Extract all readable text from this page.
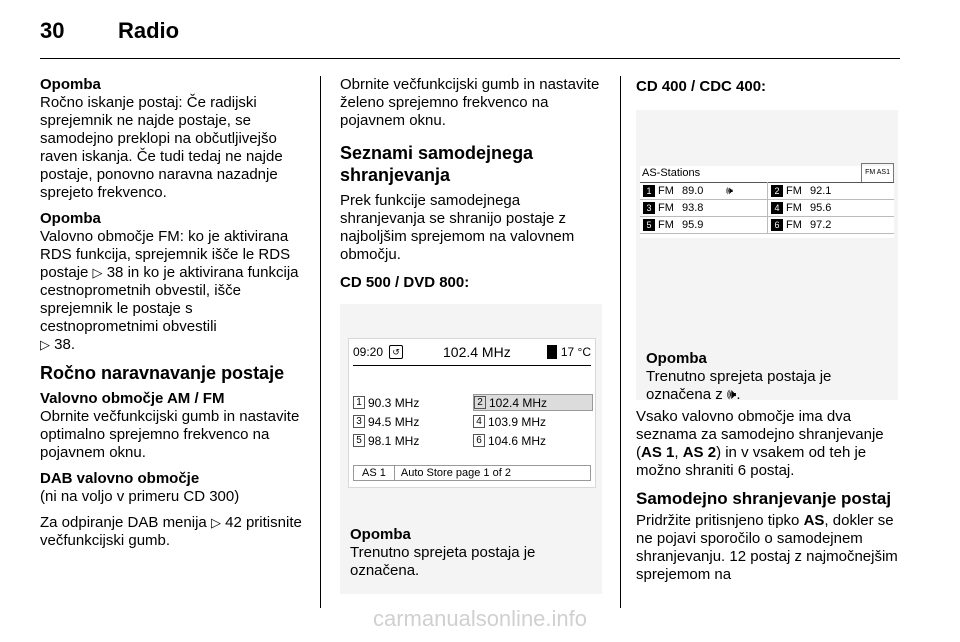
30	Radio

Opomba
Ročno iskanje postaj: Če radijski sprejemnik ne najde postaje, se samodejno preklopi na občutljivejšo raven iskanja. Če tudi tedaj ne najde postaje, ponovno naravna nazadnje sprejeto frekvenco.

Opomba
Valovno območje FM: ko je aktivirana RDS funkcija, sprejemnik išče le RDS postaje ▷ 38 in ko je aktivirana funkcija cestnoprometnih obvestil, išče sprejemnik le postaje s cestnoprometnimi obvestili
▷ 38.

Ročno naravnavanje postaje
Valovno območje AM / FM

Obrnite večfunkcijski gumb in nastavite optimalno sprejemno frekvenco na pojavnem oknu.

DAB valovno območje

(ni na voljo v primeru CD 300)

Za odpiranje DAB menija ▷ 42 pritisnite večfunkcijski gumb.

Obrnite večfunkcijski gumb in nastavite želeno sprejemno frekvenco na pojavnem oknu.

Seznami samodejnega shranjevanja

Prek funkcije samodejnega shranjevanja se shranijo postaje z najboljšim sprejemom na valovnem območju.

CD 500 / DVD 800:
09:20	↺	102.4 MHz	17 °C
1 90.3 MHz	2 102.4 MHz
3 94.5 MHz	4 103.9 MHz
5 98.1 MHz	6 104.6 MHz
AS 1	Auto Store page 1 of 2
Opomba
Trenutno sprejeta postaja je označena.
CD 400 / CDC 400:
AS-Stations	FM AS1
1 FM 89.0	🕪	2 FM 92.1
3 FM 93.8	4 FM 95.6
5 FM 95.9	6 FM 97.2
Opomba
Trenutno sprejeta postaja je označena z 🕪.

Vsako valovno območje ima dva seznama za samodejno shranjevanje (AS 1, AS 2) in v vsakem od teh je možno shraniti 6 postaj.

Samodejno shranjevanje postaj

Pridržite pritisnjeno tipko AS, dokler se ne pojavi sporočilo o samodejnem shranjevanju. 12 postaj z najmočnejšim sprejemom na

carmanualsonline.info
